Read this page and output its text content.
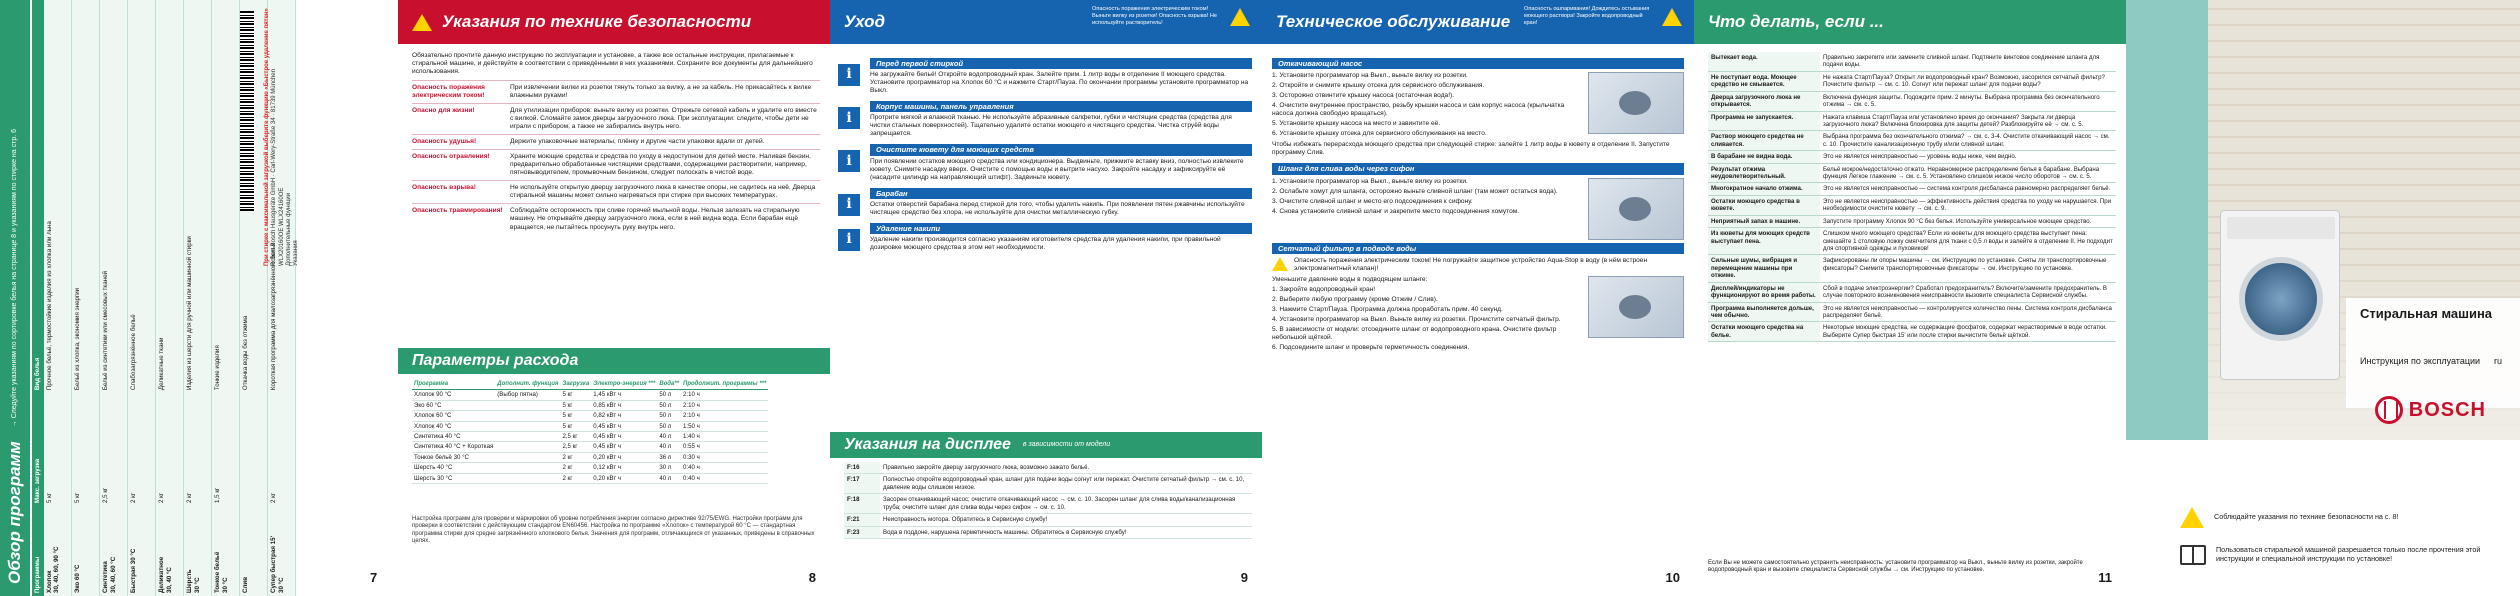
Обзор программ
→ Следуйте указаниям по сортировке белья на странице 8 и указаниям по стирке на стр. 6
Программы	Макс. загрузка	Вид белья

Хлопок 30, 40, 60, 90 °C	5 кг	Прочное бельё, термостойкие изделия из хлопка или льна

Эко 60 °C	5 кг	Бельё из хлопка, экономия энергии

Синтетика 30, 40, 60 °C	2,5 кг	Бельё из синтетики или смесовых тканей

Быстрая 30 °C	2 кг	Слабозагрязнённое бельё

Деликатное 30, 40 °C	2 кг	Деликатные ткани

Шерсть 30 °C	2 кг	Изделия из шерсти для ручной или машинной стирки

Тонкое бельё 30 °C	1,5 кг	Тонкие изделия

Слив		Откачка воды без отжима

Супер быстрая 15' 30 °C	2 кг	Короткая программа для малозагрязнённого белья
При стирке с максимальной загрузкой выберите функцию «Быстрое удаление пятен» Robert Bosch Hausgeräte GmbH · Carl-Wery-Straße 34 · 81739 München WLX20160OE WLX24160OE Дополнительные функции Указания
7
Указания по технике безопасности

Обязательно прочтите данную инструкцию по эксплуатации и установке, а также все остальные инструкции, прилагаемые к стиральной машине, и действуйте в соответствии с приведёнными в них указаниями. Сохраните все документы для дальнейшего использования.

Опасность поражения электрическим током!
При извлечении вилки из розетки тянуть только за вилку, а не за кабель. Не прикасайтесь к вилке влажными руками!
Опасно для жизни!	Для утилизации приборов: выньте вилку из розетки. Отрежьте сетевой кабель и удалите его вместе с вилкой. Сломайте замок дверцы загрузочного люка. При эксплуатации: следите, чтобы дети не играли с прибором, а также не забирались внутрь него.
Опасность удушья!	Держите упаковочные материалы, плёнку и другие части упаковки вдали от детей.
Опасность отравления!	Храните моющие средства и средства по уходу в недоступном для детей месте. Наливая бензин, предварительно обработанные чистящими средствами, содержащими растворители, например, пятновыводителем, промывочным бензином, следует полоскать в чистой воде.
Опасность взрыва!	Не используйте открытую дверцу загрузочного люка в качестве опоры, не садитесь на неё. Дверца стиральной машины может сильно нагреваться при стирке при высоких температурах.
Опасность травмирования!	Соблюдайте осторожность при сливе горячей мыльной воды. Нельзя залезать на стиральную машину. Не открывайте дверцу загрузочного люка, если в ней видна вода. Если барабан ещё вращается, не пытайтесь просунуть руку внутрь него.
Параметры расхода
Программа	Дополнит. функция	Загрузка	Электро-энергия ***	Вода**	Продолжит. программы ***
Хлопок 90 °C	(Выбор пятна)	5 кг	1,45 кВт ч	50 л	2:10 ч
Эко 60 °C		5 кг	0,85 кВт ч	50 л	2:10 ч
Хлопок 60 °C		5 кг	0,82 кВт ч	50 л	2:10 ч
Хлопок 40 °C		5 кг	0,45 кВт ч	50 л	1:50 ч
Синтетика 40 °C		2,5 кг	0,45 кВт ч	40 л	1:40 ч
Синтетика 40 °C + Короткая		2,5 кг	0,45 кВт ч	40 л	0:55 ч
Тонкое бельё 30 °C		2 кг	0,20 кВт ч	36 л	0:30 ч
Шерсть 40 °C		2 кг	0,12 кВт ч	30 л	0:40 ч
Шерсть 30 °C		2 кг	0,20 кВт ч	40 л	0:40 ч
Настройка программ для проверки и маркировки об уровне потребления энергии согласно директиве 92/75/EWG. Настройки программ для проверки в соответствии с действующим стандартом EN60456. Настройка по программе «Хлопок» с температурой 60 °C — стандартная программа стирки для средне загрязнённого хлопкового белья. Значения для программ, отличающихся от указанных, приведены в справочных целях.
8
Уход
Опасность поражения электрическим током! Выньте вилку из розетки! Опасность взрыва! Не используйте растворитель!
i
Перед первой стиркой

Не загружайте бельё! Откройте водопроводный кран. Залейте прим. 1 литр воды в отделение II моющего средства. Установите программатор на Хлопок 60 °C и нажмите Старт/Пауза. По окончании программы установите программатор на Выкл.

i
Корпус машины, панель управления

Протрите мягкой и влажной тканью. Не используйте абразивные салфетки, губки и чистящие средства (средства для чистки стальных поверхностей). Тщательно удалите остатки моющего и чистящего средства. Чистка струёй воды запрещается.

i
Очистите кювету для моющих средств

При появлении остатков моющего средства или кондиционера. Выдвиньте, прижмите вставку вниз, полностью извлеките кювету. Снимите насадку вверх. Очистите с помощью воды и вытрите насухо. Закройте насадку и зафиксируйте её (насадите цилиндр на направляющий штифт). Задвиньте кювету.

i
Барабан

Остатки отверстий барабана перед стиркой для того, чтобы удалить накипь. При появлении пятен ржавчины используйте чистящее средство без хлора, не используйте для очистки металлическую губку.

i
Удаление накипи

Удаление накипи производится согласно указаниям изготовителя средства для удаления накипи, при правильной дозировке моющего средства в этом нет необходимости.

Указания на дисплее в зависимости от модели
F:16	Правильно закройте дверцу загрузочного люка, возможно зажато бельё.
F:17	Полностью откройте водопроводный кран, шланг для подачи воды согнут или пережат. Очистите сетчатый фильтр → см. с. 10, давление воды слишком низкое.
F:18	Засорен откачивающий насос; очистите откачивающий насос → см. с. 10. Засорен шланг для слива воды/канализационная труба; очистите шланг для слива воды через сифон → см. с. 10.
F:21	Неисправность мотора. Обратитесь в Сервисную службу!
F:23	Вода в поддоне, нарушена герметичность машины. Обратитесь в Сервисную службу!
9
Техническое обслуживание
Опасность ошпаривания! Дождитесь остывания моющего раствора! Закройте водопроводный кран!
Откачивающий насос

1. Установите программатор на Выкл., выньте вилку из розетки.

2. Откройте и снимите крышку отсека для сервисного обслуживания.

3. Осторожно отвинтите крышку насоса (остаточная вода!).

4. Очистите внутреннее пространство, резьбу крышки насоса и сам корпус насоса (крыльчатка насоса должна свободно вращаться).

5. Установите крышку насоса на место и завинтите её.

6. Установите крышку отсека для сервисного обслуживания на место.

Чтобы избежать перерасхода моющего средства при следующей стирке: залейте 1 литр воды в кювету в отделение II. Запустите программу Слив.

Шланг для слива воды через сифон

1. Установите программатор на Выкл., выньте вилку из розетки.

2. Ослабьте хомут для шланга, осторожно выньте сливной шланг (там может остаться вода).

3. Очистите сливной шланг и место его подсоединения к сифону.

4. Снова установите сливной шланг и закрепите место подсоединения хомутом.

Сетчатый фильтр в подводе воды
Опасность поражения электрическим током! Не погружайте защитное устройство Aqua-Stop в воду (в нём встроен электромагнитный клапан)!

Уменьшите давление воды в подводящем шланге:

1. Закройте водопроводный кран!

2. Выберите любую программу (кроме Отжим / Слив).

3. Нажмите Старт/Пауза. Программа должна проработать прим. 40 секунд.

4. Установите программатор на Выкл. Выньте вилку из розетки. Прочистите сетчатый фильтр.

5. В зависимости от модели: отсоедините шланг от водопроводного крана. Очистите фильтр небольшой щёткой.

6. Подсоедините шланг и проверьте герметичность соединения.

10
Что делать, если ...
Вытекает вода.	Правильно закрепите или замените сливной шланг. Подтяните винтовое соединение шланга для подачи воды.
Не поступает вода. Моющее средство не смывается.	Не нажата Старт/Пауза? Открыт ли водопроводный кран? Возможно, засорился сетчатый фильтр? Почистите фильтр → см. с. 10. Согнут или пережат шланг для подачи воды?
Дверца загрузочного люка не открывается.	Включена функция защиты. Подождите прим. 2 минуты. Выбрана программа без окончательного отжима → см. с. 5.
Программа не запускается.	Нажата клавиша Старт/Пауза или установлено время до окончания? Закрыта ли дверца загрузочного люка? Включена блокировка для защиты детей? Разблокируйте её → см. с. 5.
Раствор моющего средства не сливается.	Выбрана программа без окончательного отжима? → см. с. 3-4. Очистите откачивающий насос → см. с. 10. Прочистите канализационную трубу и/или сливной шланг.
В барабане не видна вода.	Это не является неисправностью — уровень воды ниже, чем видно.
Результат отжима неудовлетворительный.	Бельё мокрое/недостаточно отжато. Неравномерное распределение белья в барабане. Выбрана функция Легкое глажение → см. с. 5. Установлено слишком низкое число оборотов → см. с. 5.
Многократное начало отжима.	Это не является неисправностью — система контроля дисбаланса равномерно распределяет бельё.
Остатки моющего средства в кювете.	Это не является неисправностью — эффективность действия средства по уходу не нарушается. При необходимости очистите кювету → см. с. 9.
Неприятный запах в машине.	Запустите программу Хлопок 90 °C без белья. Используйте универсальное моющее средство.
Из кюветы для моющих средств выступает пена.	Слишком много моющего средства? Если из кюветы для моющего средства выступает пена: смешайте 1 столовую ложку смягчителя для ткани с 0,5 л воды и залейте в отделение II. Не подходит для спортивной одежды и пуховиков!
Сильные шумы, вибрация и перемещение машины при отжиме.	Зафиксированы ли опоры машины → см. Инструкцию по установке. Сняты ли транспортировочные фиксаторы? Снимите транспортировочные фиксаторы → см. Инструкцию по установке.
Дисплей/индикаторы не функционируют во время работы.	Сбой в подаче электроэнергии? Сработал предохранитель? Включите/замените предохранитель. В случае повторного возникновения неисправности вызовите специалиста Сервисной службы.
Программа выполняется дольше, чем обычно.	Это не является неисправностью — контролируется количество пены. Система контроля дисбаланса распределяет бельё.
Остатки моющего средства на белье.	Некоторые моющие средства, не содержащие фосфатов, содержат нерастворимые в воде остатки. Выберите Супер быстрая 15' или после стирки вычистите бельё щёткой.
Если Вы не можете самостоятельно устранить неисправность: установите программатор на Выкл., выньте вилку из розетки, закройте водопроводный кран и вызовите специалиста Сервисной службы → см. Инструкцию по установке.	11
Стиральная машина
Инструкция по эксплуатации ru
BOSCH
Соблюдайте указания по технике безопасности на с. 8!
Пользоваться стиральной машиной разрешается только после прочтения этой инструкции и специальной инструкции по установке!
